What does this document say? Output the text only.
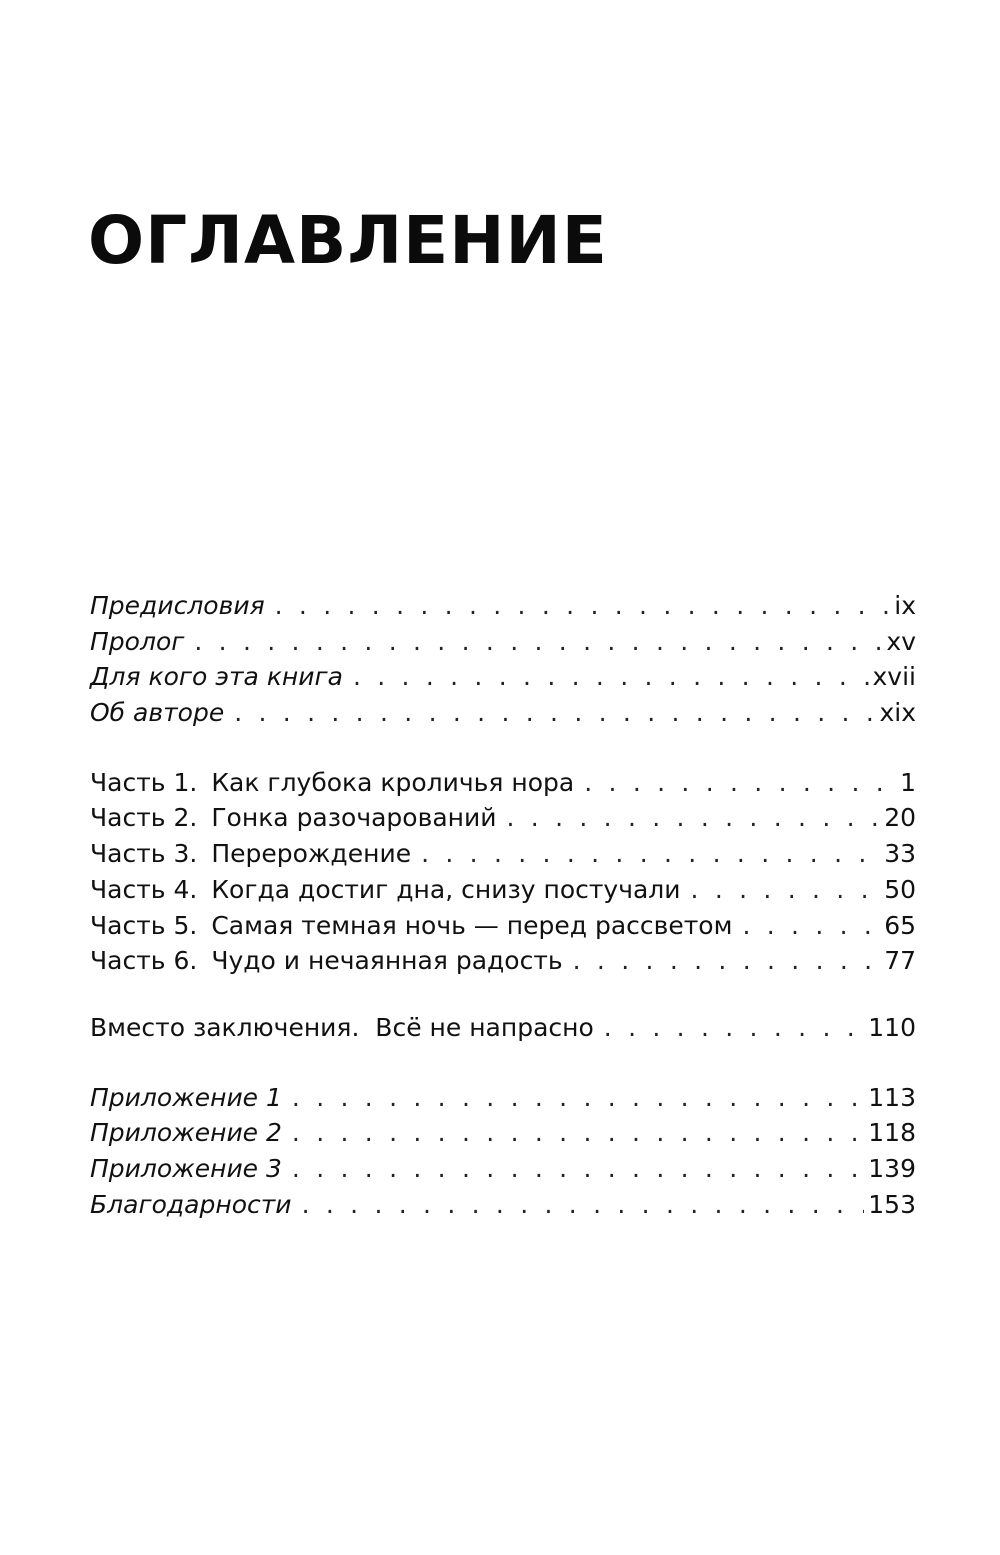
ОГЛАВЛЕНИЕ
Предисловия . . .	ix
Пролог . . .	xv
Для кого эта книга . . .	xvii
Об авторе . . .	xix
Часть 1. Как глубока кроличья нора . . .	1
Часть 2. Гонка разочарований . . .	20
Часть 3. Перерождение . . .	33
Часть 4. Когда достиг дна, снизу постучали . . .	50
Часть 5. Самая темная ночь — перед рассветом . . .	65
Часть 6. Чудо и нечаянная радость . . .	77
Вместо заключения.  Всё не напрасно . . .	110
Приложение 1 . . .	113
Приложение 2 . . .	118
Приложение 3 . . .	139
Благодарности . . .	153
